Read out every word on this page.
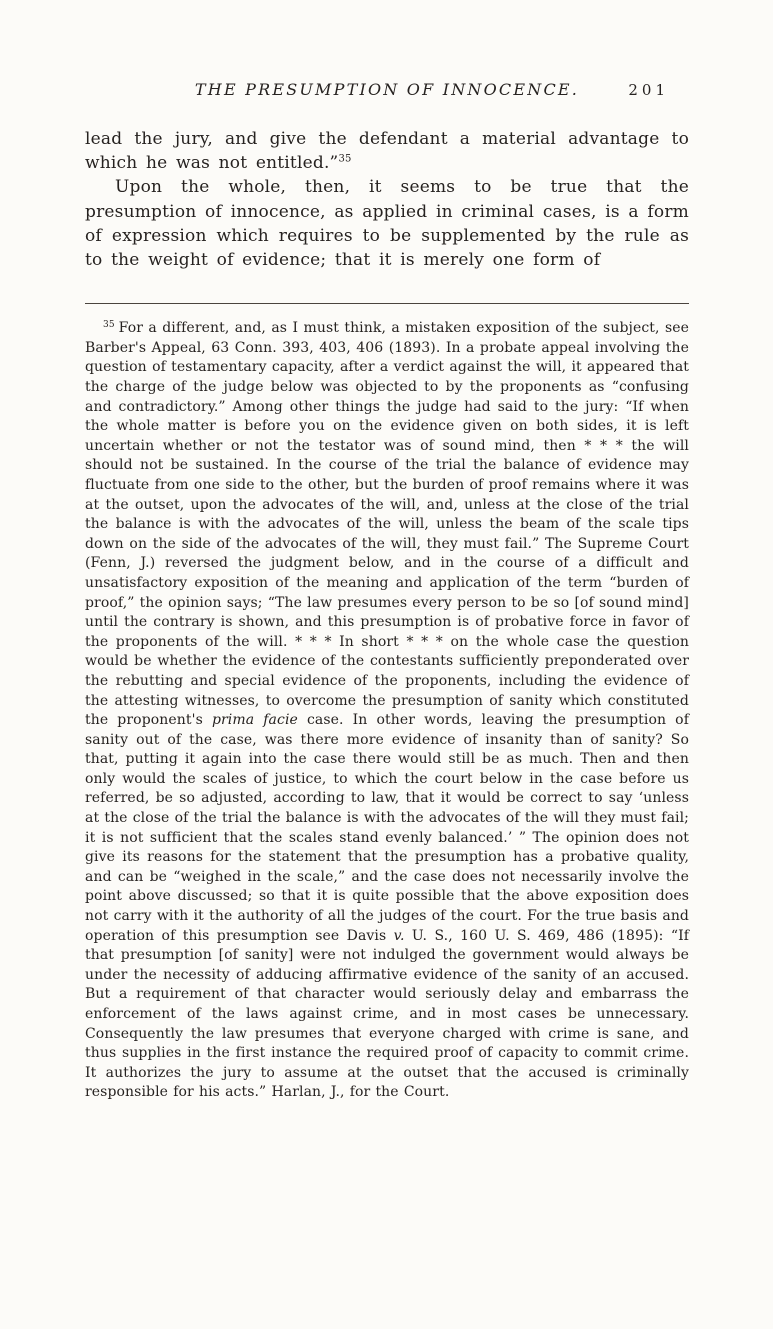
THE PRESUMPTION OF INNOCENCE.	201

lead the jury, and give the defendant a material advantage to which he was not entitled.”$^{35}$

Upon the whole, then, it seems to be true that the presumption of innocence, as applied in criminal cases, is a form of expression which requires to be supplemented by the rule as to the weight of evidence; that it is merely one form of

$^{35}$ For a different, and, as I must think, a mistaken exposition of the subject, see Barber's Appeal, 63 Conn. 393, 403, 406 (1893). In a probate appeal involving the question of testamentary capacity, after a verdict against the will, it appeared that the charge of the judge below was objected to by the proponents as “confusing and contradictory.” Among other things the judge had said to the jury: “If when the whole matter is before you on the evidence given on both sides, it is left uncertain whether or not the testator was of sound mind, then * * * the will should not be sustained. In the course of the trial the balance of evidence may fluctuate from one side to the other, but the burden of proof remains where it was at the outset, upon the advocates of the will, and, unless at the close of the trial the balance is with the advocates of the will, unless the beam of the scale tips down on the side of the advocates of the will, they must fail.” The Supreme Court (Fenn, J.) reversed the judgment below, and in the course of a difficult and unsatisfactory exposition of the meaning and application of the term “burden of proof,” the opinion says; “The law presumes every person to be so [of sound mind] until the contrary is shown, and this presumption is of probative force in favor of the proponents of the will. * * * In short * * * on the whole case the question would be whether the evidence of the contestants sufficiently preponderated over the rebutting and special evidence of the proponents, including the evidence of the attesting witnesses, to overcome the presumption of sanity which constituted the proponent's prima facie case. In other words, leaving the presumption of sanity out of the case, was there more evidence of insanity than of sanity? So that, putting it again into the case there would still be as much. Then and then only would the scales of justice, to which the court below in the case before us referred, be so adjusted, according to law, that it would be correct to say ‘unless at the close of the trial the balance is with the advocates of the will they must fail; it is not sufficient that the scales stand evenly balanced.’ ” The opinion does not give its reasons for the statement that the presumption has a probative quality, and can be “weighed in the scale,” and the case does not necessarily involve the point above discussed; so that it is quite possible that the above exposition does not carry with it the authority of all the judges of the court. For the true basis and operation of this presumption see Davis v. U. S., 160 U. S. 469, 486 (1895): “If that presumption [of sanity] were not indulged the government would always be under the necessity of adducing affirmative evidence of the sanity of an accused. But a requirement of that character would seriously delay and embarrass the enforcement of the laws against crime, and in most cases be unnecessary. Consequently the law presumes that everyone charged with crime is sane, and thus supplies in the first instance the required proof of capacity to commit crime. It authorizes the jury to assume at the outset that the accused is criminally responsible for his acts.” Harlan, J., for the Court.
